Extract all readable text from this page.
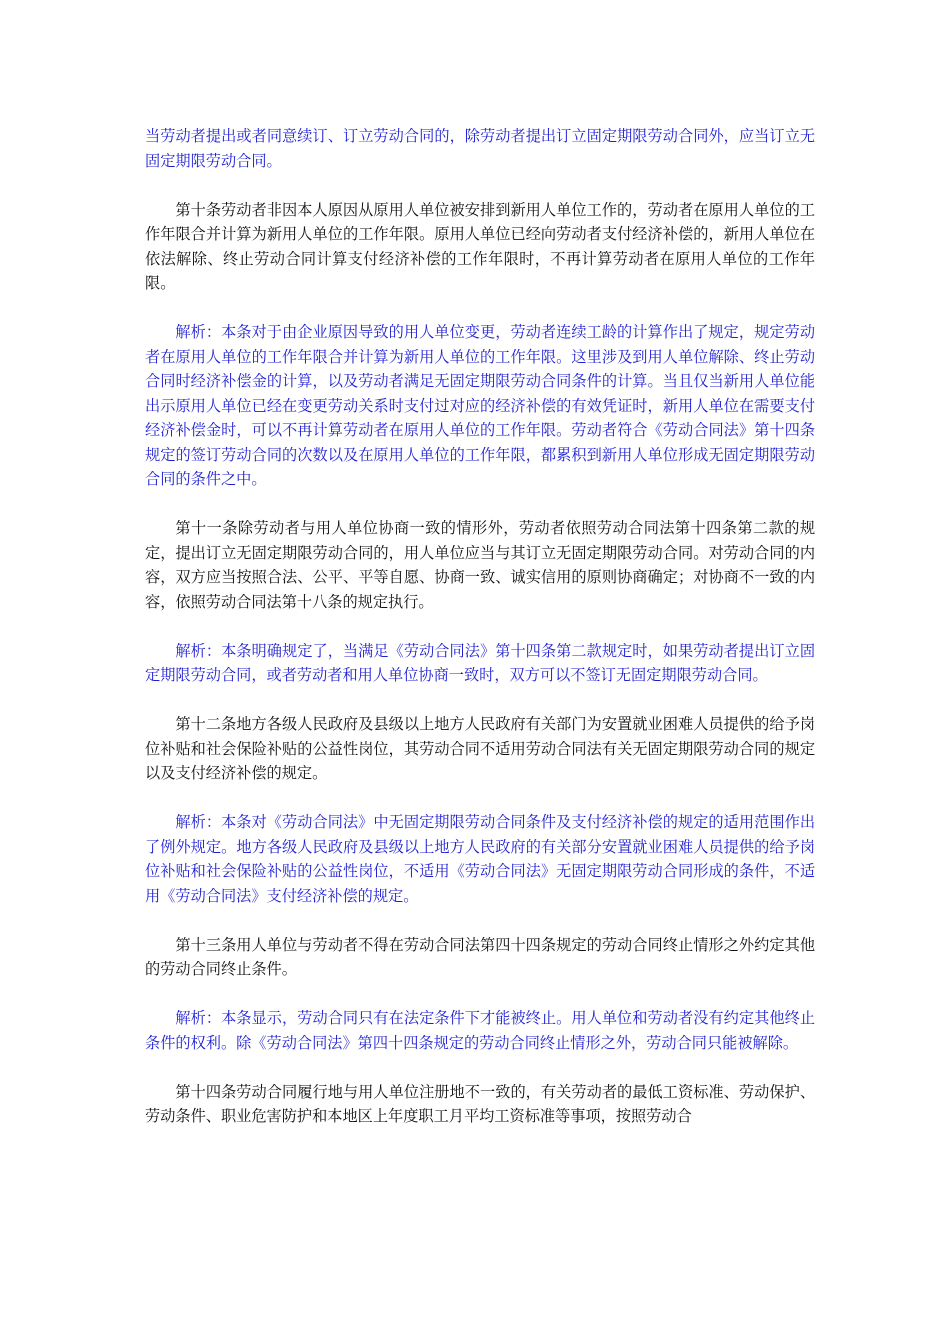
当劳动者提出或者同意续订、订立劳动合同的，除劳动者提出订立固定期限劳动合同外，应当订立无固定期限劳动合同。

第十条劳动者非因本人原因从原用人单位被安排到新用人单位工作的，劳动者在原用人单位的工作年限合并计算为新用人单位的工作年限。原用人单位已经向劳动者支付经济补偿的，新用人单位在依法解除、终止劳动合同计算支付经济补偿的工作年限时，不再计算劳动者在原用人单位的工作年限。

解析：本条对于由企业原因导致的用人单位变更，劳动者连续工龄的计算作出了规定，规定劳动者在原用人单位的工作年限合并计算为新用人单位的工作年限。这里涉及到用人单位解除、终止劳动合同时经济补偿金的计算，以及劳动者满足无固定期限劳动合同条件的计算。当且仅当新用人单位能出示原用人单位已经在变更劳动关系时支付过对应的经济补偿的有效凭证时，新用人单位在需要支付经济补偿金时，可以不再计算劳动者在原用人单位的工作年限。劳动者符合《劳动合同法》第十四条规定的签订劳动合同的次数以及在原用人单位的工作年限，都累积到新用人单位形成无固定期限劳动合同的条件之中。

第十一条除劳动者与用人单位协商一致的情形外，劳动者依照劳动合同法第十四条第二款的规定，提出订立无固定期限劳动合同的，用人单位应当与其订立无固定期限劳动合同。对劳动合同的内容，双方应当按照合法、公平、平等自愿、协商一致、诚实信用的原则协商确定；对协商不一致的内容，依照劳动合同法第十八条的规定执行。

解析：本条明确规定了，当满足《劳动合同法》第十四条第二款规定时，如果劳动者提出订立固定期限劳动合同，或者劳动者和用人单位协商一致时，双方可以不签订无固定期限劳动合同。

第十二条地方各级人民政府及县级以上地方人民政府有关部门为安置就业困难人员提供的给予岗位补贴和社会保险补贴的公益性岗位，其劳动合同不适用劳动合同法有关无固定期限劳动合同的规定以及支付经济补偿的规定。

解析：本条对《劳动合同法》中无固定期限劳动合同条件及支付经济补偿的规定的适用范围作出了例外规定。地方各级人民政府及县级以上地方人民政府的有关部分安置就业困难人员提供的给予岗位补贴和社会保险补贴的公益性岗位，不适用《劳动合同法》无固定期限劳动合同形成的条件，不适用《劳动合同法》支付经济补偿的规定。

第十三条用人单位与劳动者不得在劳动合同法第四十四条规定的劳动合同终止情形之外约定其他的劳动合同终止条件。

解析：本条显示，劳动合同只有在法定条件下才能被终止。用人单位和劳动者没有约定其他终止条件的权利。除《劳动合同法》第四十四条规定的劳动合同终止情形之外，劳动合同只能被解除。

第十四条劳动合同履行地与用人单位注册地不一致的，有关劳动者的最低工资标准、劳动保护、劳动条件、职业危害防护和本地区上年度职工月平均工资标准等事项，按照劳动合
